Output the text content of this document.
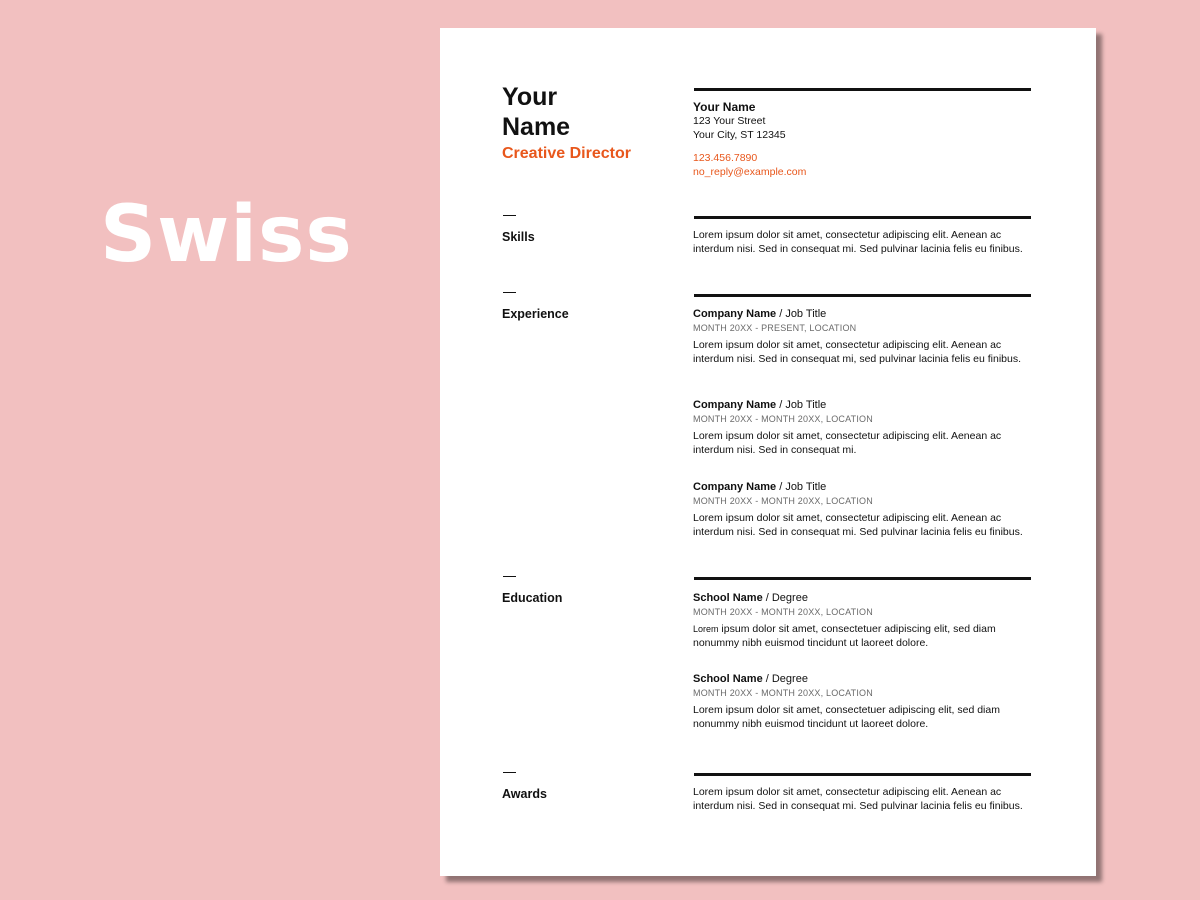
Swiss
Your
Name
Creative Director
Your Name
123 Your Street
Your City, ST 12345
123.456.7890
no_reply@example.com
Skills	Lorem ipsum dolor sit amet, consectetur adipiscing elit. Aenean ac interdum nisi. Sed in consequat mi. Sed pulvinar lacinia felis eu finibus.
Experience	Company Name / Job Title
MONTH 20XX - PRESENT, LOCATION
Lorem ipsum dolor sit amet, consectetur adipiscing elit. Aenean ac interdum nisi. Sed in consequat mi, sed pulvinar lacinia felis eu finibus.
Company Name / Job Title
MONTH 20XX - MONTH 20XX, LOCATION
Lorem ipsum dolor sit amet, consectetur adipiscing elit. Aenean ac interdum nisi. Sed in consequat mi.
Company Name / Job Title
MONTH 20XX - MONTH 20XX, LOCATION
Lorem ipsum dolor sit amet, consectetur adipiscing elit. Aenean ac interdum nisi. Sed in consequat mi. Sed pulvinar lacinia felis eu finibus.
Education	School Name / Degree
MONTH 20XX - MONTH 20XX, LOCATION
Lorem ipsum dolor sit amet, consectetuer adipiscing elit, sed diam nonummy nibh euismod tincidunt ut laoreet dolore.
School Name / Degree
MONTH 20XX - MONTH 20XX, LOCATION
Lorem ipsum dolor sit amet, consectetuer adipiscing elit, sed diam nonummy nibh euismod tincidunt ut laoreet dolore.
Awards	Lorem ipsum dolor sit amet, consectetur adipiscing elit. Aenean ac interdum nisi. Sed in consequat mi. Sed pulvinar lacinia felis eu finibus.
